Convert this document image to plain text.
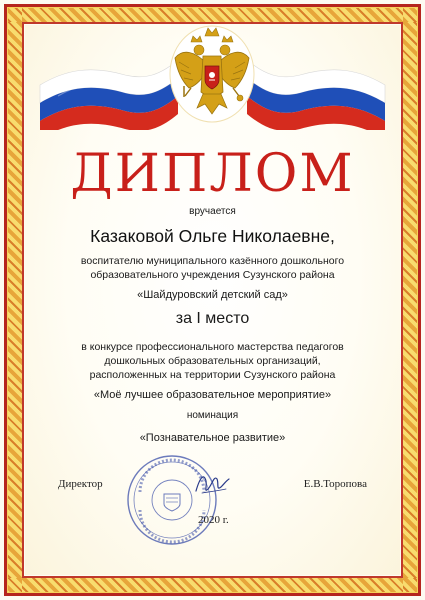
ДИПЛОМ
вручается
Казаковой Ольге Николаевне,
воспитателю муниципального казённого дошкольного
образовательного учреждения Сузунского района
«Шайдуровский детский сад»
за I место
в конкурсе профессионального мастерства педагогов
дошкольных образовательных организаций,
расположенных на территории Сузунского района
«Моё лучшее образовательное мероприятие»
номинация
«Познавательное развитие»
Директор	Е.В.Торопова
2020 г.
